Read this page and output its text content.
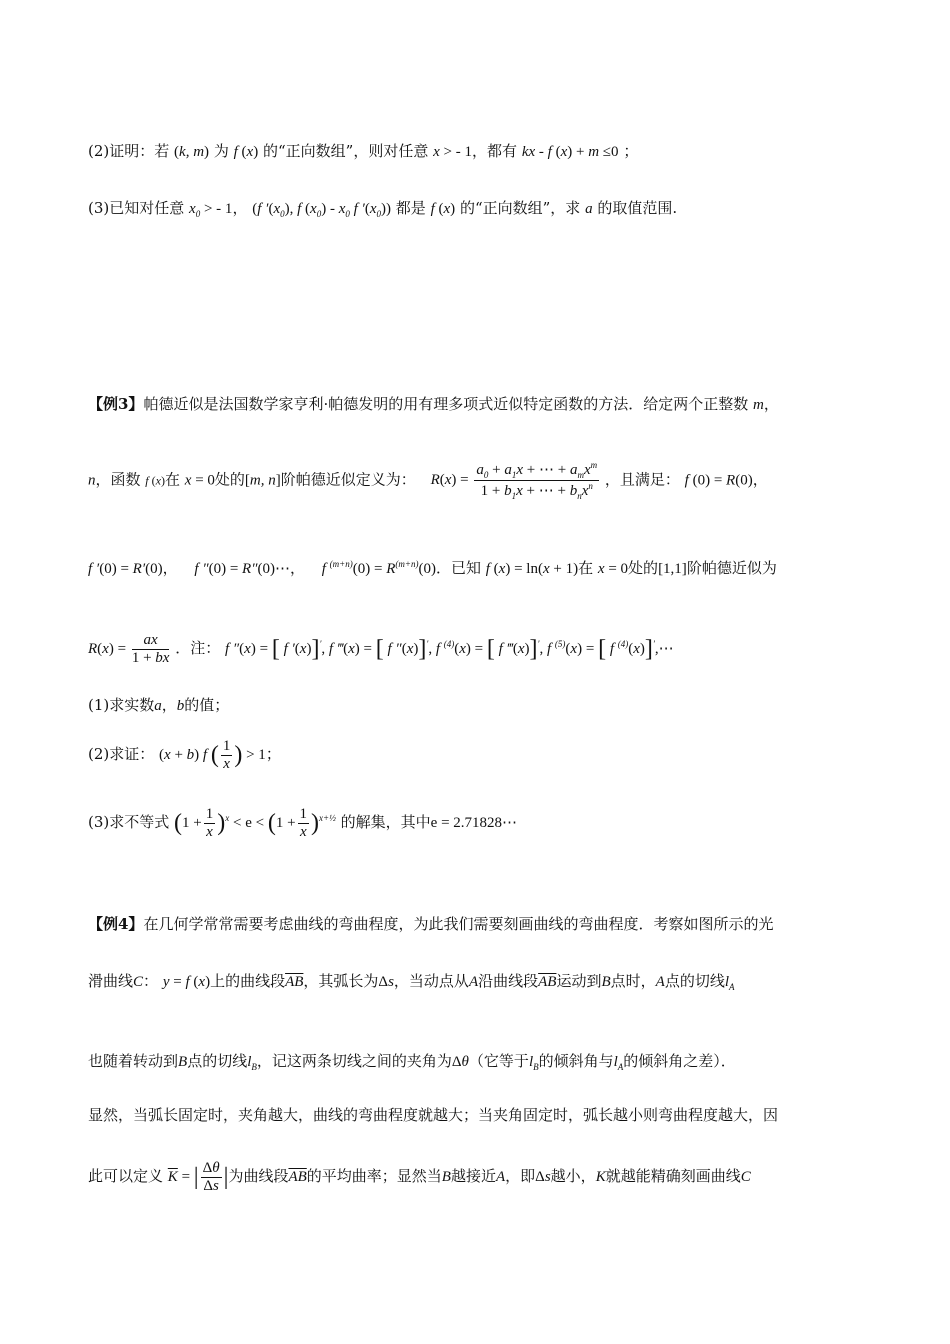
(2)证明：若 (k, m) 为 f (x) 的“正向数组”，则对任意 x > - 1，都有 kx - f (x) + m ≤0 ；
(3)已知对任意 $x_0$ > - 1， (f $'(x_0)$, f $(x_0) - x_0$ f $'(x_0)$) 都是 f (x) 的“正向数组”，求 a 的取值范围.
【例3】帕德近似是法国数学家亨利·帕德发明的用有理多项式近似特定函数的方法．给定两个正整数 m，
n，函数 f (x)在 x = 0处的[m, n]阶帕德近似定义为： $R(x) = \frac{a_0 + a_1x + \cdots + a_mx^m}{1 + b_1x + \cdots + b_nx^n}$ ，且满足： f (0) = R(0)，
f ′(0) = R′(0)， f ″(0) = R″(0)⋯， f $^{(m+n)}(0) = R^{(m+n)}(0)$．已知 f (x) = ln(x + 1)在 x = 0处的[1,1]阶帕德近似为
$R(x) = \frac{ax}{1 + bx}$ ．注： f ″(x) = [ f ′(x)]′, f ‴(x) = [ f ″(x)]′, f $^{(4)}$(x) = [ f ‴(x)]′, f $^{(5)}$(x) = [ f $^{(4)}$(x)]′,⋯
(1)求实数a，b的值；
(2)求证： (x + b) f ( $\frac{1}{x}$ ) > 1；
(3)求不等式 $(1 + \frac{1}{x} )^x < e < (1 + \frac{1}{x} )^{x+\frac{1}{2}}$ 的解集，其中e = 2.71828⋯
【例4】在几何学常常需要考虑曲线的弯曲程度，为此我们需要刻画曲线的弯曲程度．考察如图所示的光
滑曲线C： y = f (x)上的曲线段$\overline{AB}$，其弧长为Δs，当动点从A沿曲线段$\overline{AB}$运动到B点时，A点的切线$l_A$
也随着转动到B点的切线$l_B$，记这两条切线之间的夹角为Δθ（它等于$l_B$的倾斜角与$l_A$的倾斜角之差）．
显然，当弧长固定时，夹角越大，曲线的弯曲程度就越大；当夹角固定时，弧长越小则弯曲程度越大，因
此可以定义 $\overline{K}$ = | $\frac{\Delta\theta}{\Delta s}$ |为曲线段$\overline{AB}$的平均曲率；显然当B越接近A，即Δs越小，K就越能精确刻画曲线C
